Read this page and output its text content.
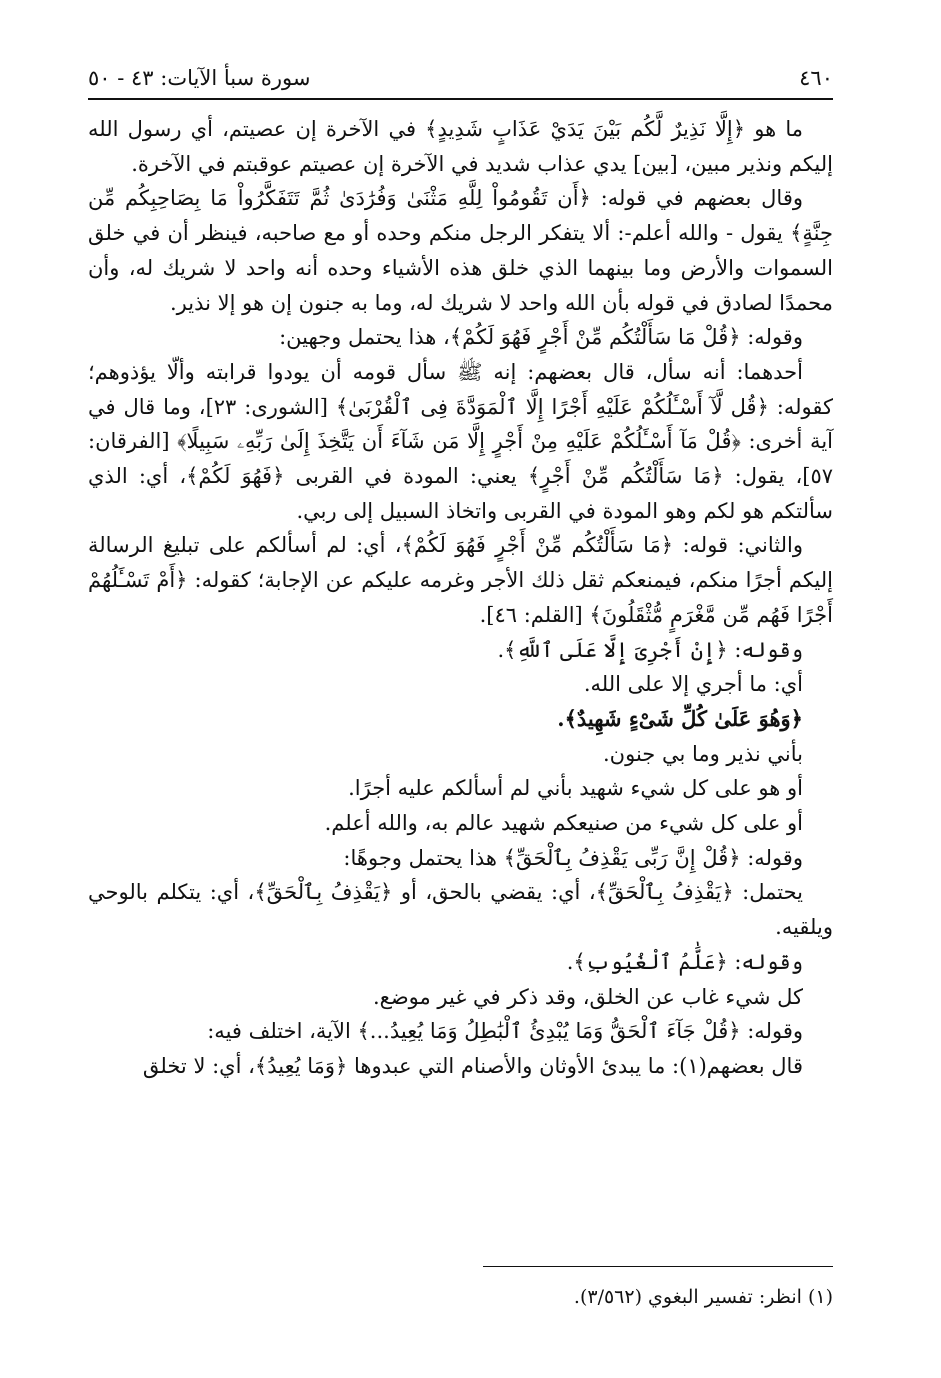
٤٦٠
سورة سبأ الآيات: ٤٣ - ٥٠

ما هو ﴿إِلَّا نَذِيرٌ لَّكُم بَيْنَ يَدَيْ عَذَابٍ شَدِيدٍ﴾ في الآخرة إن عصيتم، أي رسول الله إليكم ونذير مبين، [بين] يدي عذاب شديد في الآخرة إن عصيتم عوقبتم في الآخرة.

وقال بعضهم في قوله: ﴿أَن تَقُومُواْ لِلَّهِ مَثْنَىٰ وَفُرَٰدَىٰ ثُمَّ تَتَفَكَّرُواْ مَا بِصَاحِبِكُم مِّن جِنَّةٍ﴾ يقول - والله أعلم-: ألا يتفكر الرجل منكم وحده أو مع صاحبه، فينظر أن في خلق السموات والأرض وما بينهما الذي خلق هذه الأشياء وحده أنه واحد لا شريك له، وأن محمدًا لصادق في قوله بأن الله واحد لا شريك له، وما به جنون إن هو إلا نذير.

وقوله: ﴿قُلْ مَا سَأَلْتُكُم مِّنْ أَجْرٍ فَهُوَ لَكُمْ﴾، هذا يحتمل وجهين:

أحدهما: أنه سأل، قال بعضهم: إنه ﷺ سأل قومه أن يودوا قرابته وألّا يؤذوهم؛ كقوله: ﴿قُل لَّآ أَسْـَٔلُكُمْ عَلَيْهِ أَجْرًا إِلَّا ٱلْمَوَدَّةَ فِى ٱلْقُرْبَىٰ﴾ [الشورى: ٢٣]، وما قال في آية أخرى: ﴿قُلْ مَآ أَسْـَٔلُكُمْ عَلَيْهِ مِنْ أَجْرٍ إِلَّا مَن شَآءَ أَن يَتَّخِذَ إِلَىٰ رَبِّهِۦ سَبِيلًا﴾ [الفرقان: ٥٧]، يقول: ﴿مَا سَأَلْتُكُم مِّنْ أَجْرٍ﴾ يعني: المودة في القربى ﴿فَهُوَ لَكُمْ﴾، أي: الذي سألتكم هو لكم وهو المودة في القربى واتخاذ السبيل إلى ربي.

والثاني: قوله: ﴿مَا سَأَلْتُكُم مِّنْ أَجْرٍ فَهُوَ لَكُمْ﴾، أي: لم أسألكم على تبليغ الرسالة إليكم أجرًا منكم، فيمنعكم ثقل ذلك الأجر وغرمه عليكم عن الإجابة؛ كقوله: ﴿أَمْ تَسْـَٔلُهُمْ أَجْرًا فَهُم مِّن مَّغْرَمٍ مُّثْقَلُونَ﴾ [القلم: ٤٦].

وقوله: ﴿إِنْ أَجْرِىَ إِلَّا عَلَى ٱللَّهِ﴾.

أي: ما أجري إلا على الله.

﴿وَهُوَ عَلَىٰ كُلِّ شَىْءٍ شَهِيدٌ﴾.

بأني نذير وما بي جنون.

أو هو على كل شيء شهيد بأني لم أسألكم عليه أجرًا.

أو على كل شيء من صنيعكم شهيد عالم به، والله أعلم.

وقوله: ﴿قُلْ إِنَّ رَبِّى يَقْذِفُ بِٱلْحَقِّ﴾ هذا يحتمل وجوهًا:

يحتمل: ﴿يَقْذِفُ بِٱلْحَقِّ﴾، أي: يقضي بالحق، أو ﴿يَقْذِفُ بِٱلْحَقِّ﴾، أي: يتكلم بالوحي ويلقيه.

وقوله: ﴿عَلَّٰمُ ٱلْغُيُوبِ﴾.

كل شيء غاب عن الخلق، وقد ذكر في غير موضع.

وقوله: ﴿قُلْ جَآءَ ٱلْحَقُّ وَمَا يُبْدِئُ ٱلْبَٰطِلُ وَمَا يُعِيدُ...﴾ الآية، اختلف فيه:

قال بعضهم(١): ما يبدئ الأوثان والأصنام التي عبدوها ﴿وَمَا يُعِيدُ﴾، أي: لا تخلق

(١) انظر: تفسير البغوي (٣/٥٦٢).
